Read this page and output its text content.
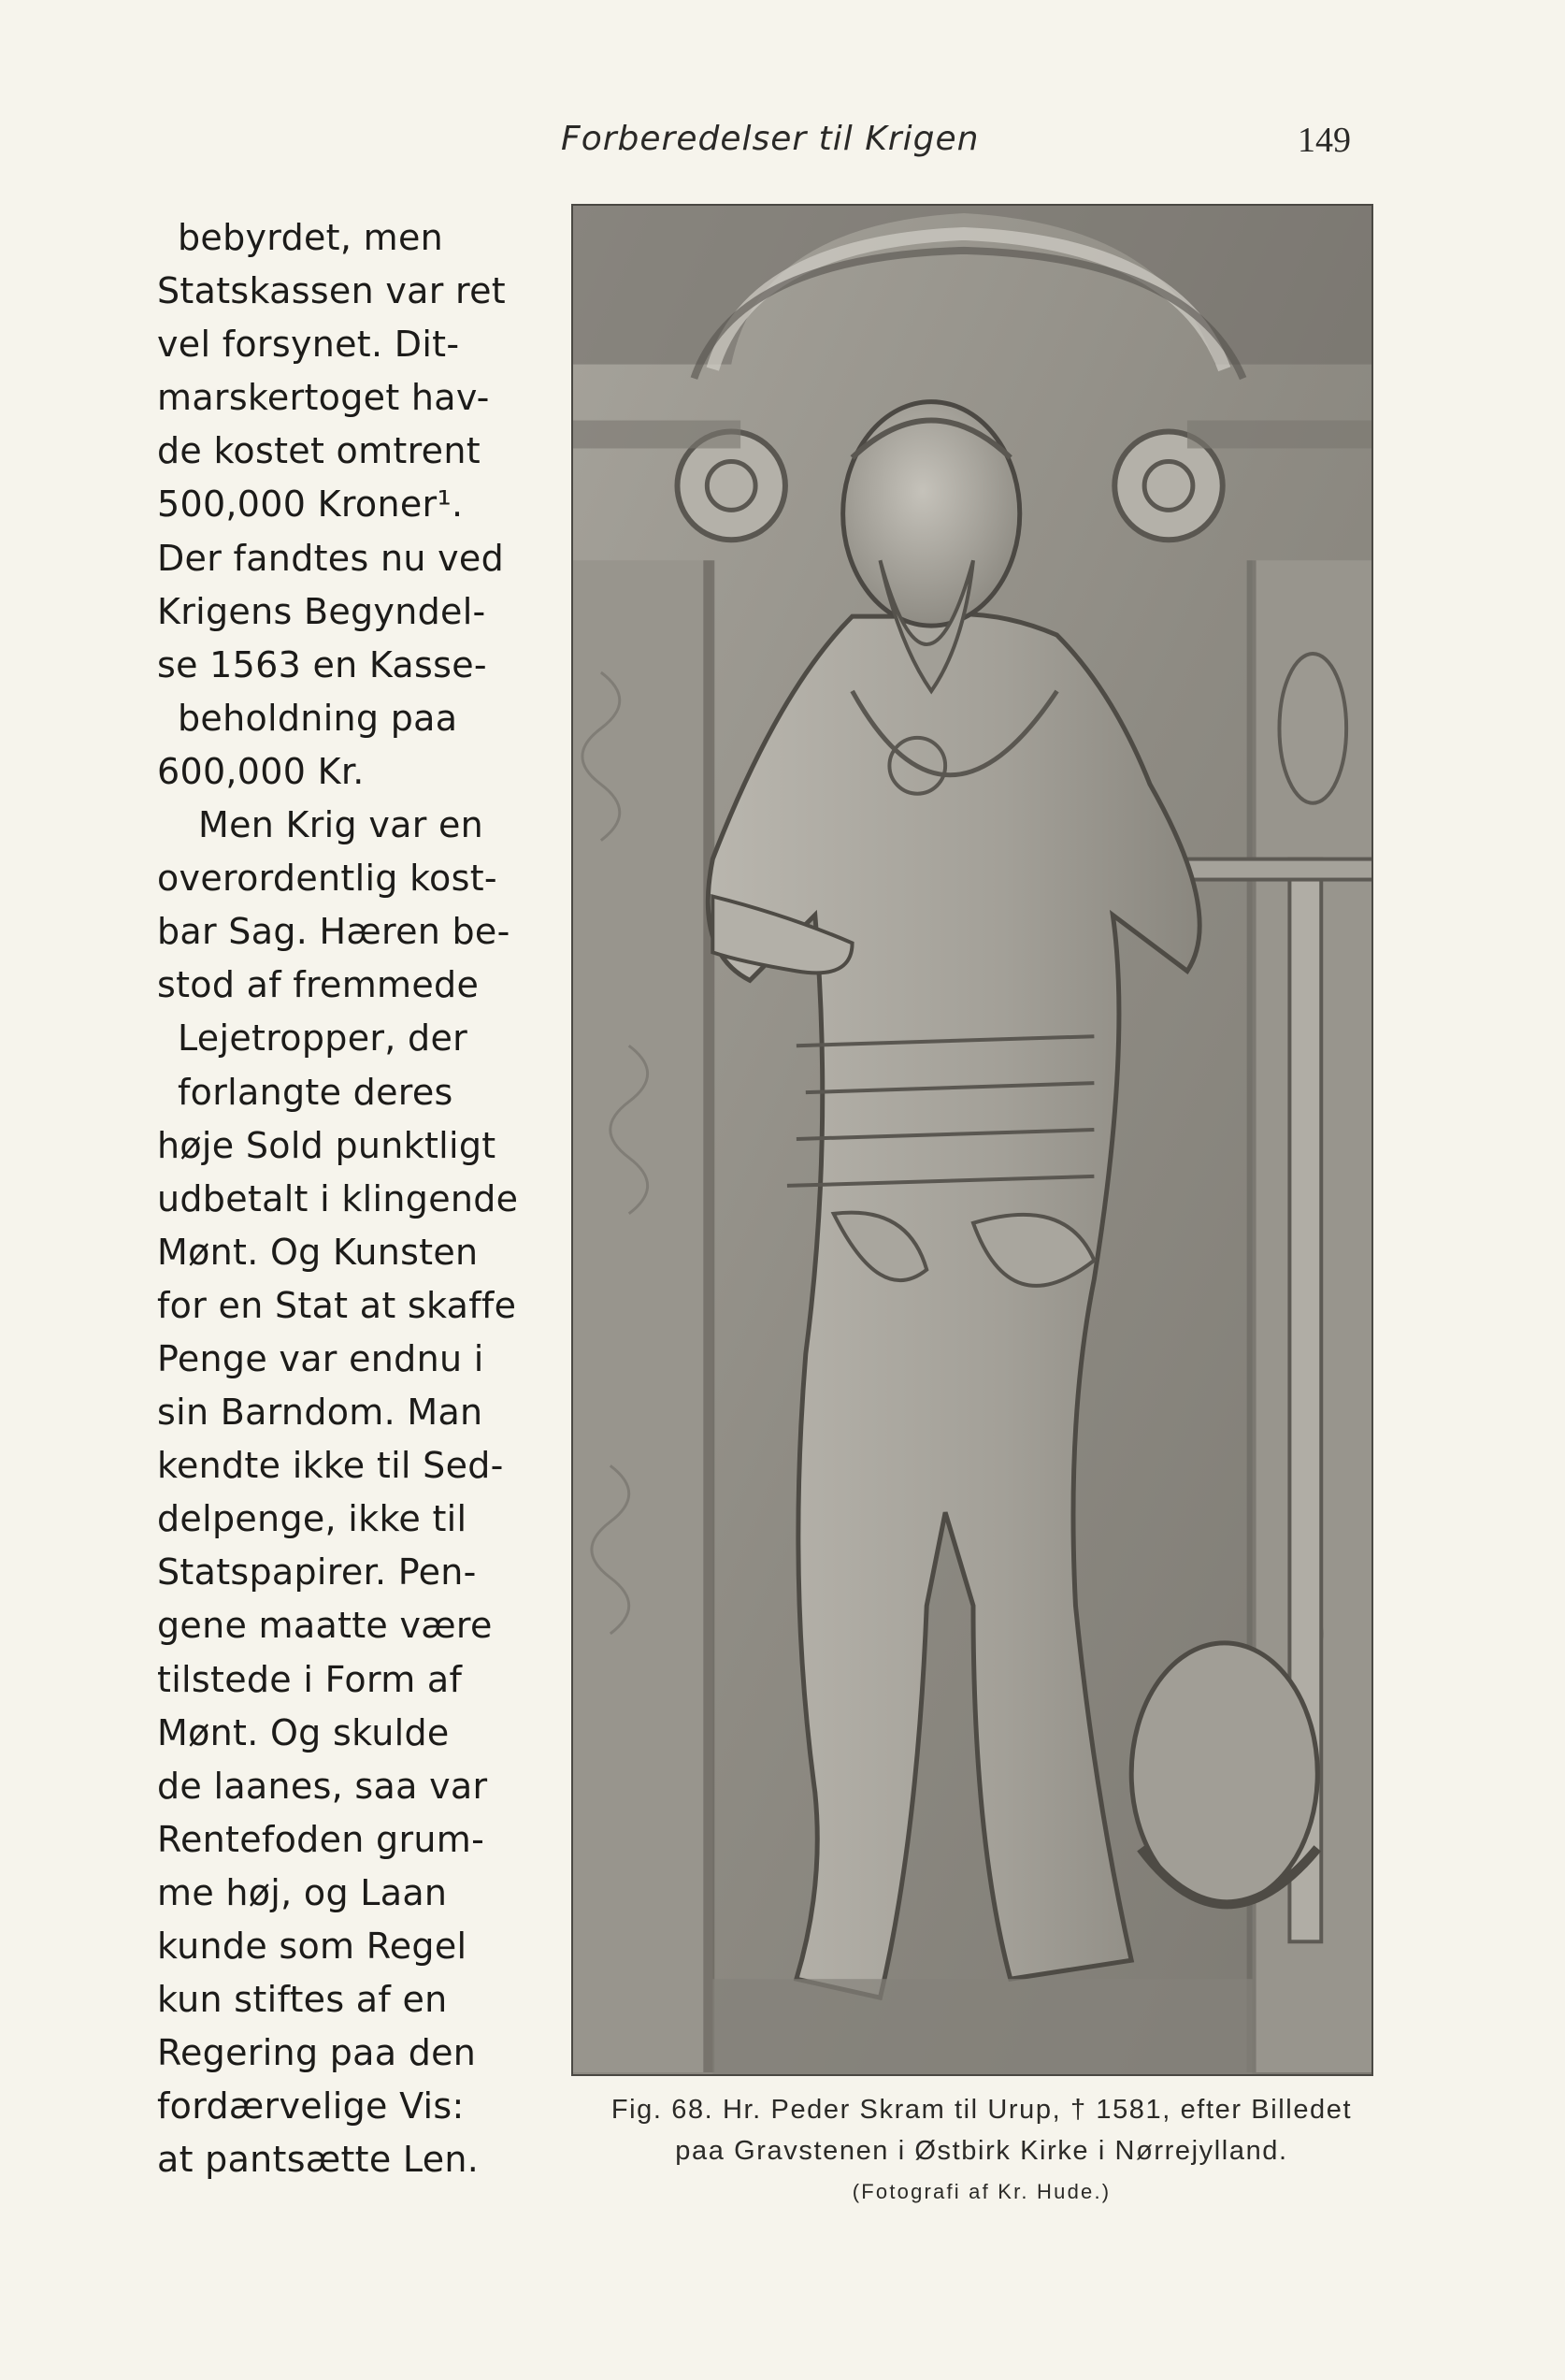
Forberedelser til Krigen	149
bebyrdet, men
Statskassen var ret
vel forsynet. Dit-
marskertoget hav-
de kostet omtrent
500,000 Kroner¹.
Der fandtes nu ved
Krigens Begyndel-
se 1563 en Kasse-
beholdning paa
600,000 Kr.
Men Krig var en
overordentlig kost-
bar Sag. Hæren be-
stod af fremmede
Lejetropper, der
forlangte deres
høje Sold punktligt
udbetalt i klingende
Mønt. Og Kunsten
for en Stat at skaffe
Penge var endnu i
sin Barndom. Man
kendte ikke til Sed-
delpenge, ikke til
Statspapirer. Pen-
gene maatte være
tilstede i Form af
Mønt. Og skulde
de laanes, saa var
Rentefoden grum-
me høj, og Laan
kunde som Regel
kun stiftes af en
Regering paa den
fordærvelige Vis:
at pantsætte Len.
Fig. 68. Hr. Peder Skram til Urup, † 1581, efter Billedet
paa Gravstenen i Østbirk Kirke i Nørrejylland.
(Fotografi af Kr. Hude.)
